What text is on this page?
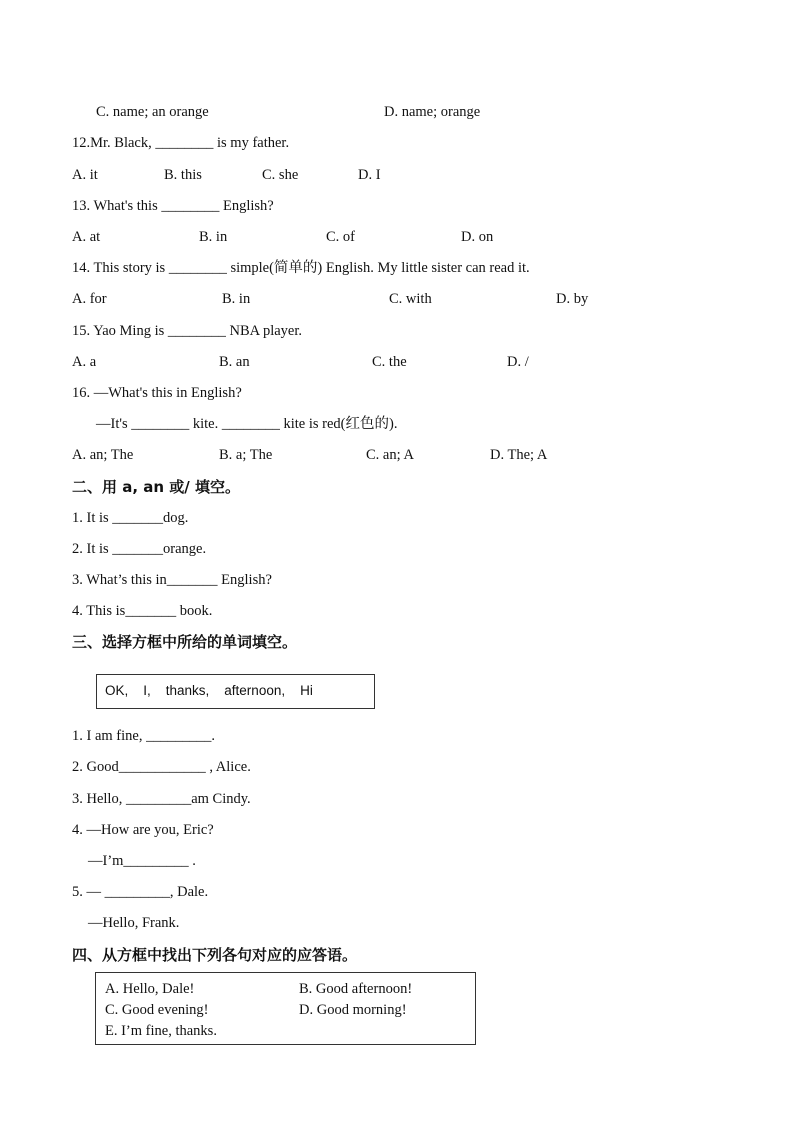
C. name; an orange	D. name; orange
12.Mr. Black, ________ is my father.
A. it	B. this	C. she	D. I
13. What's this ________ English?
A. at	B. in	C. of	D. on
14. This story is ________ simple(简单的) English. My little sister can read it.
A. for	B. in	C. with	D. by
15. Yao Ming is ________ NBA player.
A. a	B. an	C. the	D. /
16. —What's this in English?
—It's ________ kite. ________ kite is red(红色的).
A. an; The	B. a; The	C. an; A	D. The; A
二、用 a, an 或/ 填空。
1. It is _______dog.
2. It is _______orange.
3. What’s this in_______ English?
4. This is_______ book.
三、选择方框中所给的单词填空。
OK,    I,    thanks,    afternoon,    Hi
1. I am fine, _________.
2. Good____________ , Alice.
3. Hello, _________am Cindy.
4. —How are you, Eric?
—I’m_________ .
5. — _________, Dale.
—Hello, Frank.
四、从方框中找出下列各句对应的应答语。
A. Hello, Dale!	B. Good afternoon!
C. Good evening!	D. Good morning!
E. I’m fine, thanks.
